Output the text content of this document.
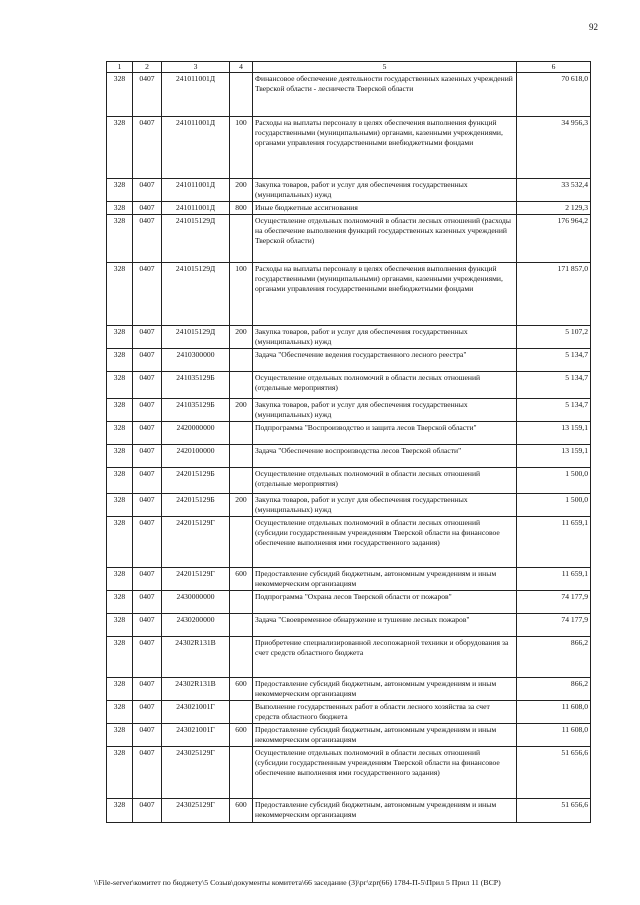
92
1	2	3	4	5	6
328	0407	241011001Д		Финансовое обеспечение деятельности государственных казенных учреждений Тверской области - лесничеств Тверской области	70 618,0
328	0407	241011001Д	100	Расходы на выплаты персоналу в целях обеспечения выполнения функций государственными (муниципальными) органами, казенными учреждениями, органами управления государственными внебюджетными фондами	34 956,3
328	0407	241011001Д	200	Закупка товаров, работ и услуг для обеспечения государственных (муниципальных) нужд	33 532,4
328	0407	241011001Д	800	Иные бюджетные ассигнования	2 129,3
328	0407	241015129Д		Осуществление отдельных полномочий в области лесных отношений (расходы на обеспечение выполнения функций государственных казенных учреждений Тверской области)	176 964,2
328	0407	241015129Д	100	Расходы на выплаты персоналу в целях обеспечения выполнения функций государственными (муниципальными) органами, казенными учреждениями, органами управления государственными внебюджетными фондами	171 857,0
328	0407	241015129Д	200	Закупка товаров, работ и услуг для обеспечения государственных (муниципальных) нужд	5 107,2
328	0407	2410300000		Задача "Обеспечение ведения государственного лесного реестра"	5 134,7
328	0407	241035129Б		Осуществление отдельных полномочий в области лесных отношений (отдельные мероприятия)	5 134,7
328	0407	241035129Б	200	Закупка товаров, работ и услуг для обеспечения государственных (муниципальных) нужд	5 134,7
328	0407	2420000000		Подпрограмма "Воспроизводство и защита лесов Тверской области"	13 159,1
328	0407	2420100000		Задача "Обеспечение воспроизводства лесов Тверской области"	13 159,1
328	0407	242015129Б		Осуществление отдельных полномочий в области лесных отношений (отдельные мероприятия)	1 500,0
328	0407	242015129Б	200	Закупка товаров, работ и услуг для обеспечения государственных (муниципальных) нужд	1 500,0
328	0407	242015129Г		Осуществление отдельных полномочий в области лесных отношений (субсидии государственным учреждениям Тверской области на финансовое обеспечение выполнения ими государственного задания)	11 659,1
328	0407	242015129Г	600	Предоставление субсидий бюджетным, автономным учреждениям и иным некоммерческим организациям	11 659,1
328	0407	2430000000		Подпрограмма "Охрана лесов Тверской области от пожаров"	74 177,9
328	0407	2430200000		Задача "Своевременное обнаружение и тушение лесных пожаров"	74 177,9
328	0407	24302R131В		Приобретение специализированной лесопожарной техники и оборудования за счет средств областного бюджета	866,2
328	0407	24302R131В	600	Предоставление субсидий бюджетным, автономным учреждениям и иным некоммерческим организациям	866,2
328	0407	243021001Г		Выполнение государственных работ в области лесного хозяйства за счет средств областного бюджета	11 608,0
328	0407	243021001Г	600	Предоставление субсидий бюджетным, автономным учреждениям и иным некоммерческим организациям	11 608,0
328	0407	243025129Г		Осуществление отдельных полномочий в области лесных отношений (субсидии государственным учреждениям Тверской области на финансовое обеспечение выполнения ими государственного задания)	51 656,6
328	0407	243025129Г	600	Предоставление субсидий бюджетным, автономным учреждениям и иным некоммерческим организациям	51 656,6
\\File-server\комитет по бюджету\5 Созыв\документы комитета\66 заседание (3)\рг\zpr(66) 1784-П-5\Прил 5 Прил 11 (ВСР)
